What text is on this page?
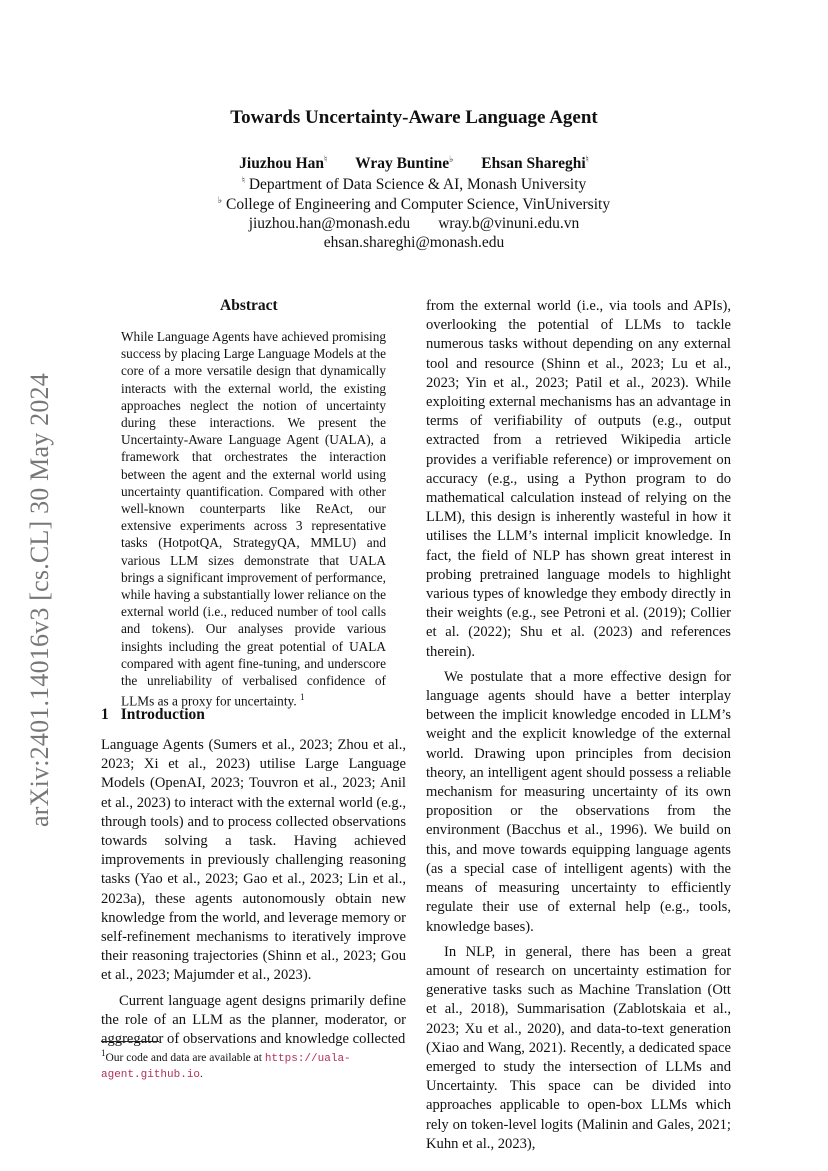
arXiv:2401.14016v3 [cs.CL] 30 May 2024
Towards Uncertainty-Aware Language Agent
Jiuzhou Han♮ Wray Buntine♭ Ehsan Shareghi♮
♮ Department of Data Science & AI, Monash University
♭ College of Engineering and Computer Science, VinUniversity
jiuzhou.han@monash.edu wray.b@vinuni.edu.vn
ehsan.shareghi@monash.edu
Abstract
While Language Agents have achieved promising success by placing Large Language Models at the core of a more versatile design that dynamically interacts with the external world, the existing approaches neglect the notion of uncertainty during these interactions. We present the Uncertainty-Aware Language Agent (UALA), a framework that orchestrates the interaction between the agent and the external world using uncertainty quantification. Compared with other well-known counterparts like ReAct, our extensive experiments across 3 representative tasks (HotpotQA, StrategyQA, MMLU) and various LLM sizes demonstrate that UALA brings a significant improvement of performance, while having a substantially lower reliance on the external world (i.e., reduced number of tool calls and tokens). Our analyses provide various insights including the great potential of UALA compared with agent fine-tuning, and underscore the unreliability of verbalised confidence of LLMs as a proxy for uncertainty. $^1$
1 Introduction

Language Agents (Sumers et al., 2023; Zhou et al., 2023; Xi et al., 2023) utilise Large Language Models (OpenAI, 2023; Touvron et al., 2023; Anil et al., 2023) to interact with the external world (e.g., through tools) and to process collected observations towards solving a task. Having achieved improvements in previously challenging reasoning tasks (Yao et al., 2023; Gao et al., 2023; Lin et al., 2023a), these agents autonomously obtain new knowledge from the world, and leverage memory or self-refinement mechanisms to iteratively improve their reasoning trajectories (Shinn et al., 2023; Gou et al., 2023; Majumder et al., 2023).

Current language agent designs primarily define the role of an LLM as the planner, moderator, or aggregator of observations and knowledge collected

from the external world (i.e., via tools and APIs), overlooking the potential of LLMs to tackle numerous tasks without depending on any external tool and resource (Shinn et al., 2023; Lu et al., 2023; Yin et al., 2023; Patil et al., 2023). While exploiting external mechanisms has an advantage in terms of verifiability of outputs (e.g., output extracted from a retrieved Wikipedia article provides a verifiable reference) or improvement on accuracy (e.g., using a Python program to do mathematical calculation instead of relying on the LLM), this design is inherently wasteful in how it utilises the LLM’s internal implicit knowledge. In fact, the field of NLP has shown great interest in probing pretrained language models to highlight various types of knowledge they embody directly in their weights (e.g., see Petroni et al. (2019); Collier et al. (2022); Shu et al. (2023) and references therein).

We postulate that a more effective design for language agents should have a better interplay between the implicit knowledge encoded in LLM’s weight and the explicit knowledge of the external world. Drawing upon principles from decision theory, an intelligent agent should possess a reliable mechanism for measuring uncertainty of its own proposition or the observations from the environment (Bacchus et al., 1996). We build on this, and move towards equipping language agents (as a special case of intelligent agents) with the means of measuring uncertainty to efficiently regulate their use of external help (e.g., tools, knowledge bases).

In NLP, in general, there has been a great amount of research on uncertainty estimation for generative tasks such as Machine Translation (Ott et al., 2018), Summarisation (Zablotskaia et al., 2023; Xu et al., 2020), and data-to-text generation (Xiao and Wang, 2021). Recently, a dedicated space emerged to study the intersection of LLMs and Uncertainty. This space can be divided into approaches applicable to open-box LLMs which rely on token-level logits (Malinin and Gales, 2021; Kuhn et al., 2023),

$^1$Our code and data are available at https://uala-agent.github.io.
